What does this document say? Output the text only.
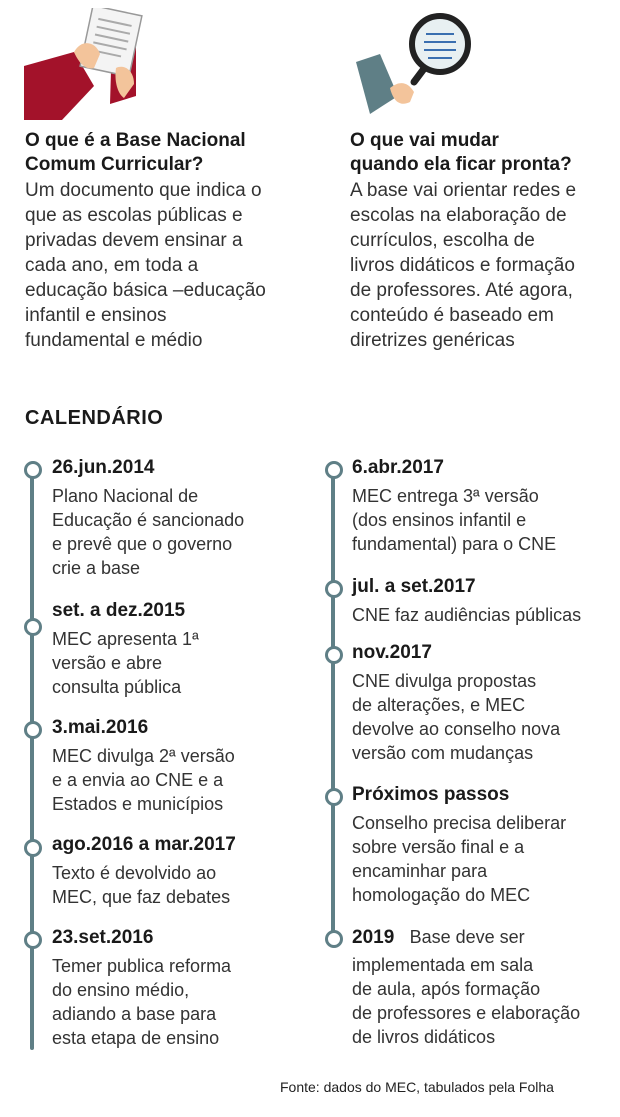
O que é a Base Nacional
Comum Curricular?
Um documento que indica o
que as escolas públicas e
privadas devem ensinar a
cada ano, em toda a
educação básica –educação
infantil e ensinos
fundamental e médio
O que vai mudar
quando ela ficar pronta?
A base vai orientar redes e
escolas na elaboração de
currículos, escolha de
livros didáticos e formação
de professores. Até agora,
conteúdo é baseado em
diretrizes genéricas
CALENDÁRIO
26.jun.2014
Plano Nacional de
Educação é sancionado
e prevê que o governo
crie a base
set. a dez.2015
MEC apresenta 1ª
versão e abre
consulta pública
3.mai.2016
MEC divulga 2ª versão
e a envia ao CNE e a
Estados e municípios
ago.2016 a mar.2017
Texto é devolvido ao
MEC, que faz debates
23.set.2016
Temer publica reforma
do ensino médio,
adiando a base para
esta etapa de ensino
6.abr.2017
MEC entrega 3ª versão
(dos ensinos infantil e
fundamental) para o CNE
jul. a set.2017
CNE faz audiências públicas
nov.2017
CNE divulga propostas
de alterações, e MEC
devolve ao conselho nova
versão com mudanças
Próximos passos
Conselho precisa deliberar
sobre versão final e a
encaminhar para
homologação do MEC
2019 Base deve ser
implementada em sala
de aula, após formação
de professores e elaboração
de livros didáticos
Fonte: dados do MEC, tabulados pela Folha
